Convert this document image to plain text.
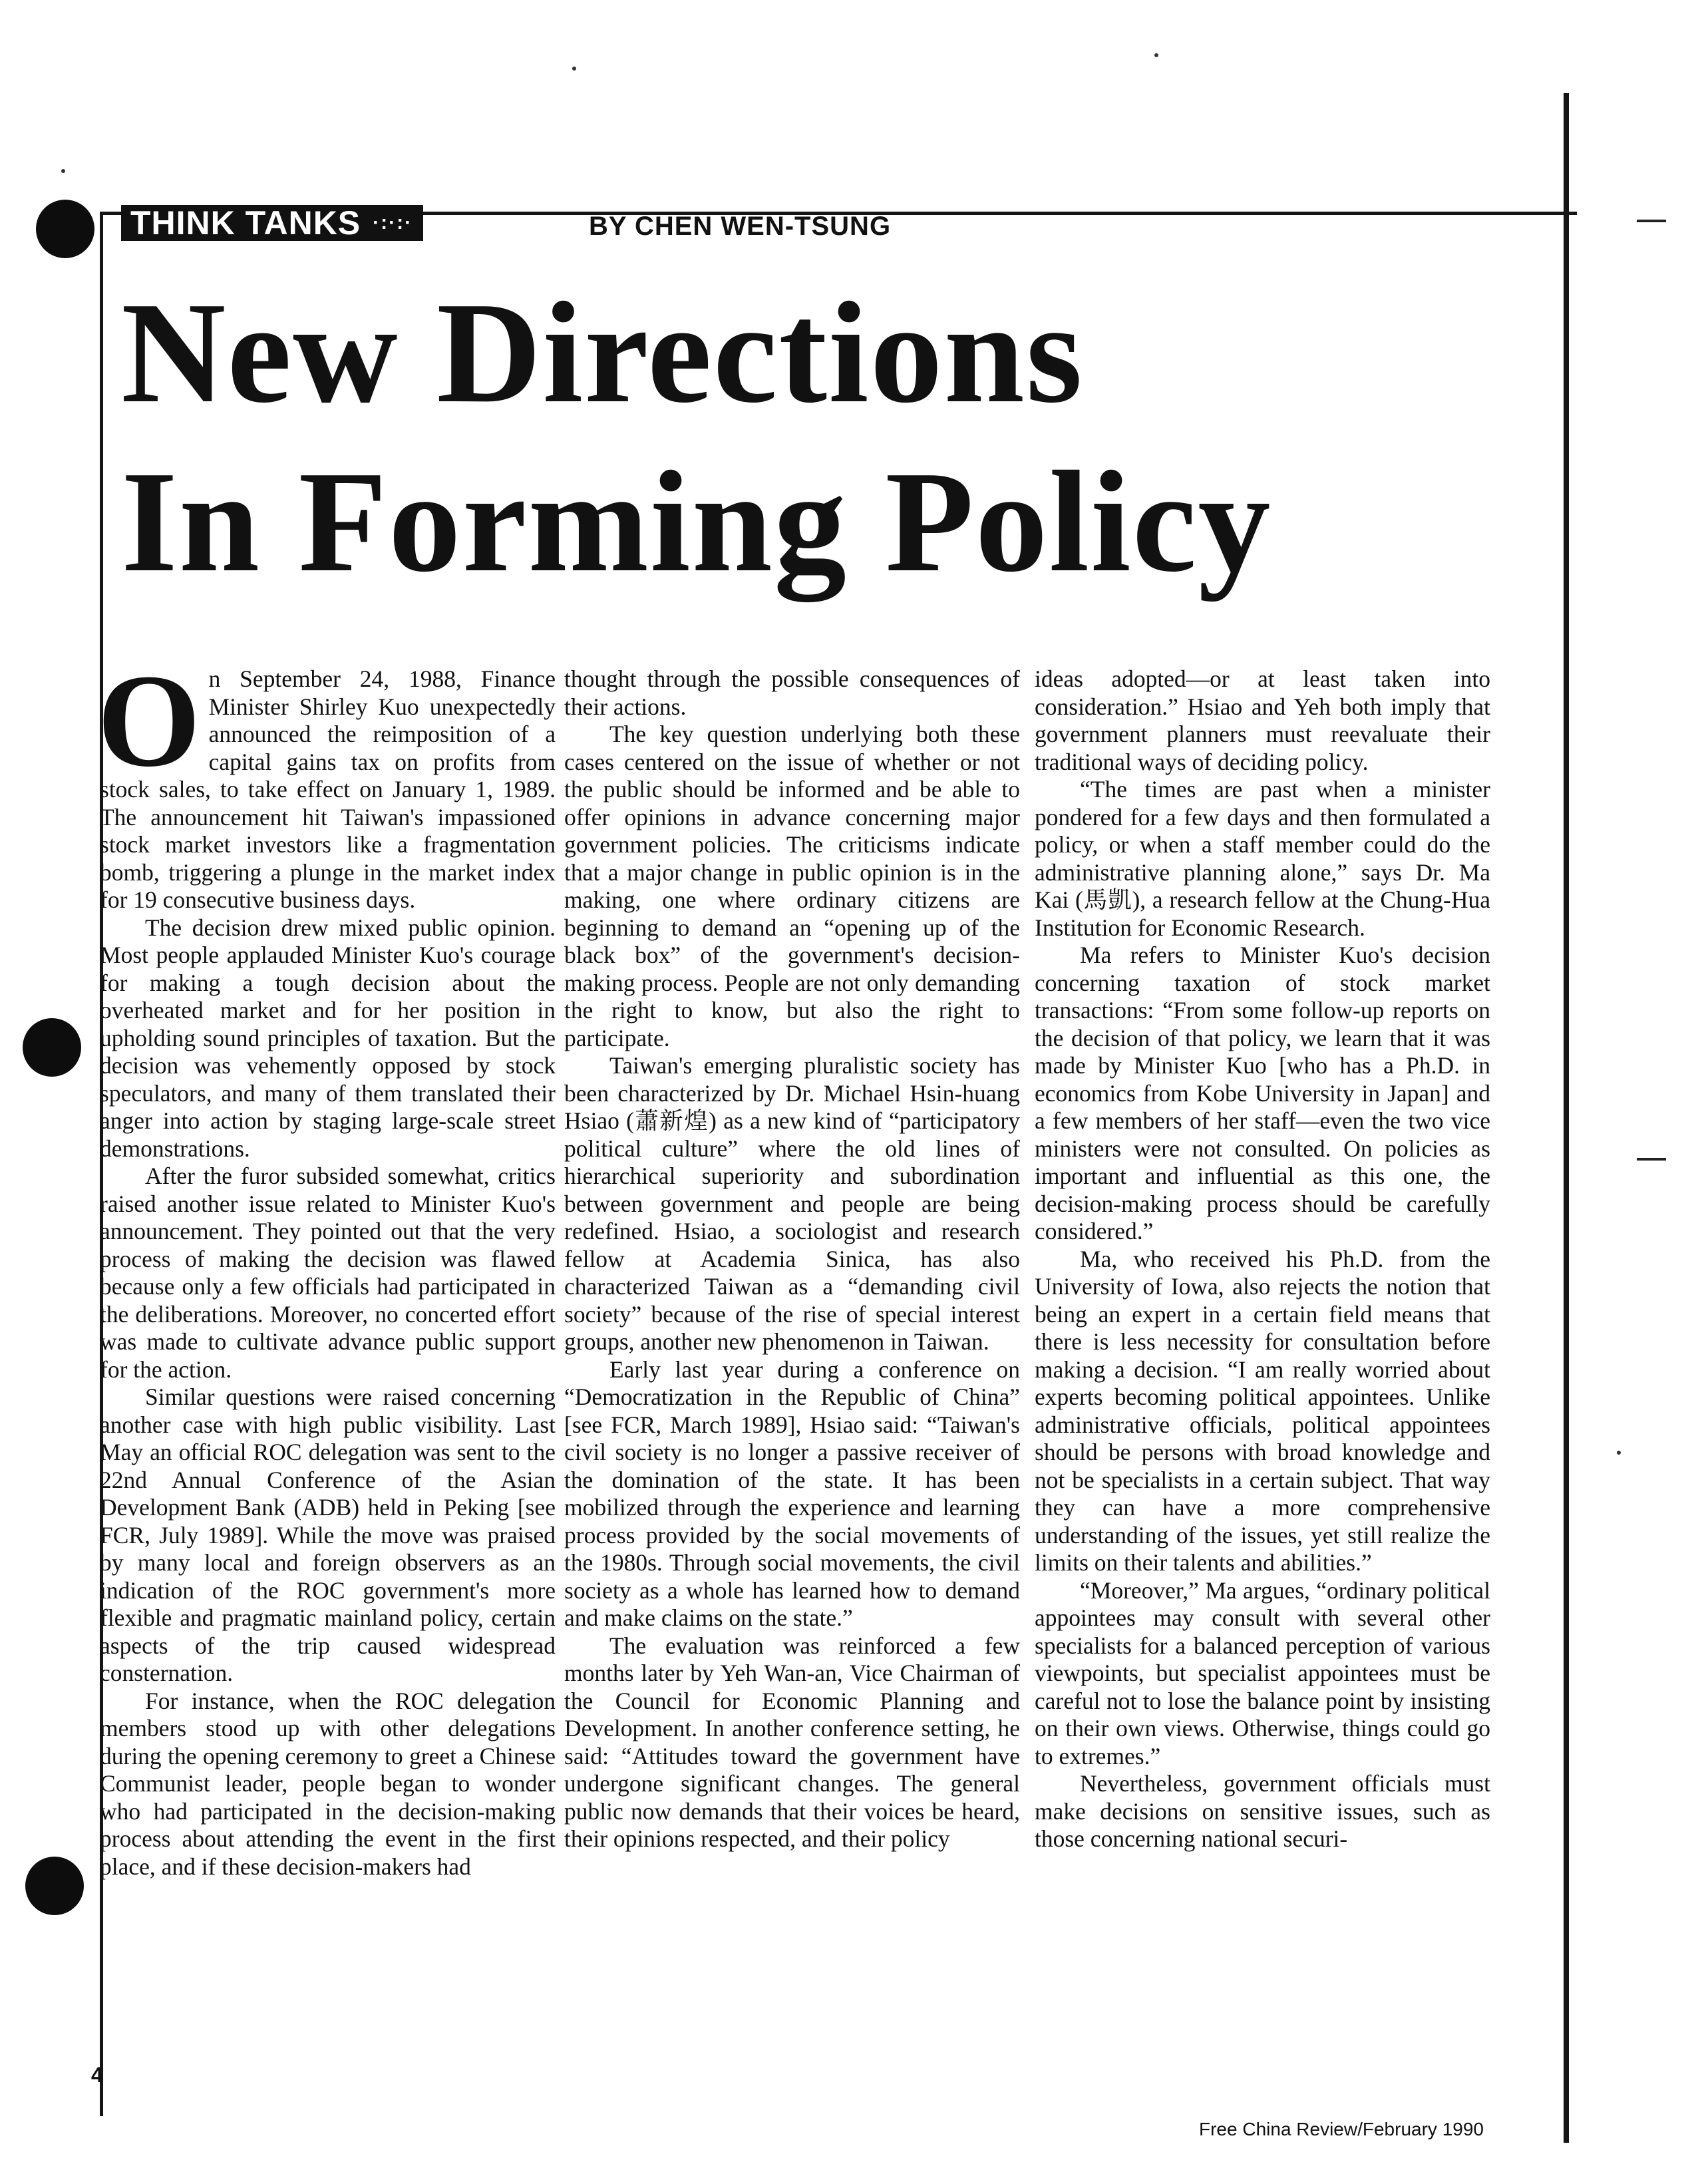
THINK TANKS ·:·:·	BY CHEN WEN-TSUNG
New Directions
In Forming Policy

On September 24, 1988, Finance Minister Shirley Kuo unexpectedly announced the reimposition of a capital gains tax on profits from stock sales, to take effect on January 1, 1989. The announcement hit Taiwan's impassioned stock market investors like a fragmentation bomb, triggering a plunge in the market index for 19 consecutive business days.

The decision drew mixed public opinion. Most people applauded Minister Kuo's courage for making a tough decision about the overheated market and for her position in upholding sound principles of taxation. But the decision was vehemently opposed by stock speculators, and many of them translated their anger into action by staging large-scale street demonstrations.

After the furor subsided somewhat, critics raised another issue related to Minister Kuo's announcement. They pointed out that the very process of making the decision was flawed because only a few officials had participated in the deliberations. Moreover, no concerted effort was made to cultivate advance public support for the action.

Similar questions were raised concerning another case with high public visibility. Last May an official ROC delegation was sent to the 22nd Annual Conference of the Asian Development Bank (ADB) held in Peking [see FCR, July 1989]. While the move was praised by many local and foreign observers as an indication of the ROC government's more flexible and pragmatic mainland policy, certain aspects of the trip caused widespread consternation.

For instance, when the ROC delegation members stood up with other delegations during the opening ceremony to greet a Chinese Communist leader, people began to wonder who had participated in the decision-making process about attending the event in the first place, and if these decision-makers had

thought through the possible consequences of their actions.

The key question underlying both these cases centered on the issue of whether or not the public should be informed and be able to offer opinions in advance concerning major government policies. The criticisms indicate that a major change in public opinion is in the making, one where ordinary citizens are beginning to demand an “opening up of the black box” of the government's decision-making process. People are not only demanding the right to know, but also the right to participate.

Taiwan's emerging pluralistic society has been characterized by Dr. Michael Hsin-huang Hsiao (蕭新煌) as a new kind of “participatory political culture” where the old lines of hierarchical superiority and subordination between government and people are being redefined. Hsiao, a sociologist and research fellow at Academia Sinica, has also characterized Taiwan as a “demanding civil society” because of the rise of special interest groups, another new phenomenon in Taiwan.

Early last year during a conference on “Democratization in the Republic of China” [see FCR, March 1989], Hsiao said: “Taiwan's civil society is no longer a passive receiver of the domination of the state. It has been mobilized through the experience and learning process provided by the social movements of the 1980s. Through social movements, the civil society as a whole has learned how to demand and make claims on the state.”

The evaluation was reinforced a few months later by Yeh Wan-an, Vice Chairman of the Council for Economic Planning and Development. In another conference setting, he said: “Attitudes toward the government have undergone significant changes. The general public now demands that their voices be heard, their opinions respected, and their policy

ideas adopted—or at least taken into consideration.” Hsiao and Yeh both imply that government planners must reevaluate their traditional ways of deciding policy.

“The times are past when a minister pondered for a few days and then formulated a policy, or when a staff member could do the administrative planning alone,” says Dr. Ma Kai (馬凱), a research fellow at the Chung-Hua Institution for Economic Research.

Ma refers to Minister Kuo's decision concerning taxation of stock market transactions: “From some follow-up reports on the decision of that policy, we learn that it was made by Minister Kuo [who has a Ph.D. in economics from Kobe University in Japan] and a few members of her staff—even the two vice ministers were not consulted. On policies as important and influential as this one, the decision-making process should be carefully considered.”

Ma, who received his Ph.D. from the University of Iowa, also rejects the notion that being an expert in a certain field means that there is less necessity for consultation before making a decision. “I am really worried about experts becoming political appointees. Unlike administrative officials, political appointees should be persons with broad knowledge and not be specialists in a certain subject. That way they can have a more comprehensive understanding of the issues, yet still realize the limits on their talents and abilities.”

“Moreover,” Ma argues, “ordinary political appointees may consult with several other specialists for a balanced perception of various viewpoints, but specialist appointees must be careful not to lose the balance point by insisting on their own views. Otherwise, things could go to extremes.”

Nevertheless, government officials must make decisions on sensitive issues, such as those concerning national securi-

4
Free China Review/February 1990
